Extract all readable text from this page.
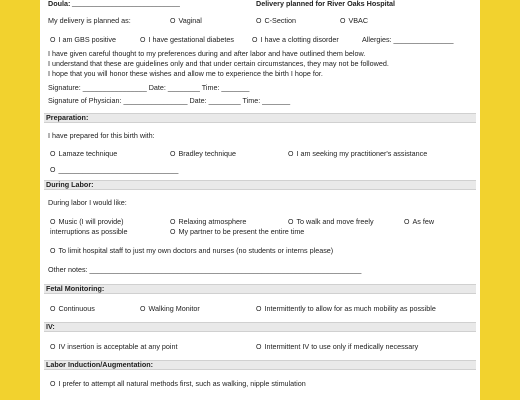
Doula: ___________________________	Delivery planned for River Oaks Hospital
My delivery is planned as:	O Vaginal	O C-Section	O VBAC
O I am GBS positive	O I have gestational diabetes	O I have a clotting disorder	Allergies: _______________
I have given careful thought to my preferences during and after labor and have outlined them below.
I understand that these are guidelines only and that under certain circumstances, they may not be followed.
I hope that you will honor these wishes and allow me to experience the birth I hope for.
Signature: ________________ Date: ________ Time: _______
Signature of Physician: ________________ Date: ________ Time: _______
Preparation:
I have prepared for this birth with:
O Lamaze technique	O Bradley technique	O I am seeking my practitioner's assistance
O ______________________________
During Labor:
During labor I would like:
O Music (I will provide)	O Relaxing atmosphere	O To walk and move freely	O As few
interruptions as possible	O My partner to be present the entire time
O To limit hospital staff to just my own doctors and nurses (no students or interns please)
Other notes: ____________________________________________________________________
Fetal Monitoring:
O Continuous	O Walking Monitor	O Intermittently to allow for as much mobility as possible
IV:
O IV insertion is acceptable at any point	O Intermittent IV to use only if medically necessary
Labor Induction/Augmentation:
O I prefer to attempt all natural methods first, such as walking, nipple stimulation
